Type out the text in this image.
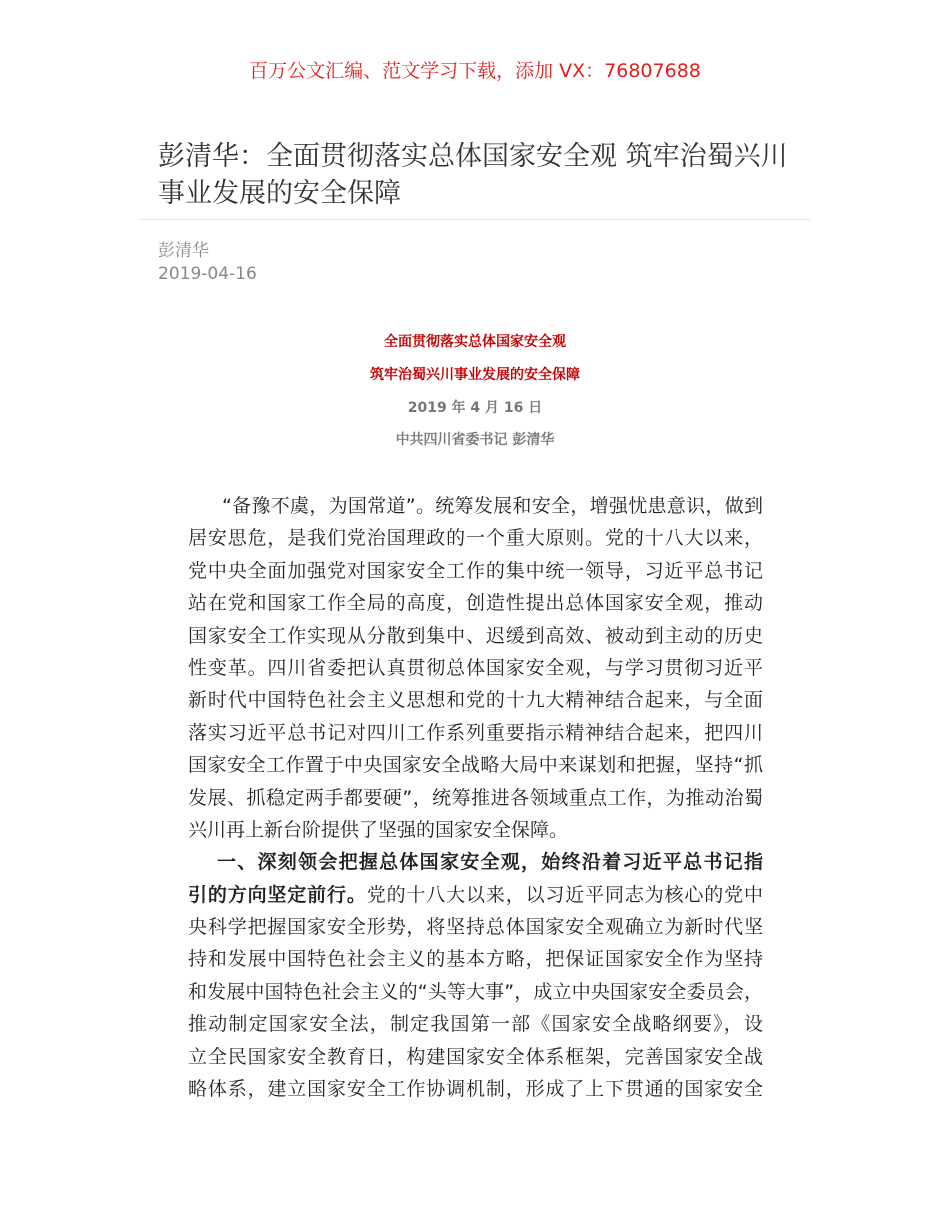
百万公文汇编、范文学习下载，添加 VX：76807688
彭清华：全面贯彻落实总体国家安全观 筑牢治蜀兴川
事业发展的安全保障
彭清华
2019-04-16
全面贯彻落实总体国家安全观
筑牢治蜀兴川事业发展的安全保障
2019 年 4 月 16 日
中共四川省委书记 彭清华
“备豫不虞，为国常道”。统筹发展和安全，增强忧患意识，做到
居安思危，是我们党治国理政的一个重大原则。党的十八大以来，
党中央全面加强党对国家安全工作的集中统一领导，习近平总书记
站在党和国家工作全局的高度，创造性提出总体国家安全观，推动
国家安全工作实现从分散到集中、迟缓到高效、被动到主动的历史
性变革。四川省委把认真贯彻总体国家安全观，与学习贯彻习近平
新时代中国特色社会主义思想和党的十九大精神结合起来，与全面
落实习近平总书记对四川工作系列重要指示精神结合起来，把四川
国家安全工作置于中央国家安全战略大局中来谋划和把握，坚持“抓
发展、抓稳定两手都要硬”，统筹推进各领域重点工作，为推动治蜀
兴川再上新台阶提供了坚强的国家安全保障。
一、深刻领会把握总体国家安全观，始终沿着习近平总书记指
引的方向坚定前行。党的十八大以来，以习近平同志为核心的党中
央科学把握国家安全形势，将坚持总体国家安全观确立为新时代坚
持和发展中国特色社会主义的基本方略，把保证国家安全作为坚持
和发展中国特色社会主义的“头等大事”，成立中央国家安全委员会，
推动制定国家安全法，制定我国第一部《国家安全战略纲要》，设
立全民国家安全教育日，构建国家安全体系框架，完善国家安全战
略体系，建立国家安全工作协调机制，形成了上下贯通的国家安全
